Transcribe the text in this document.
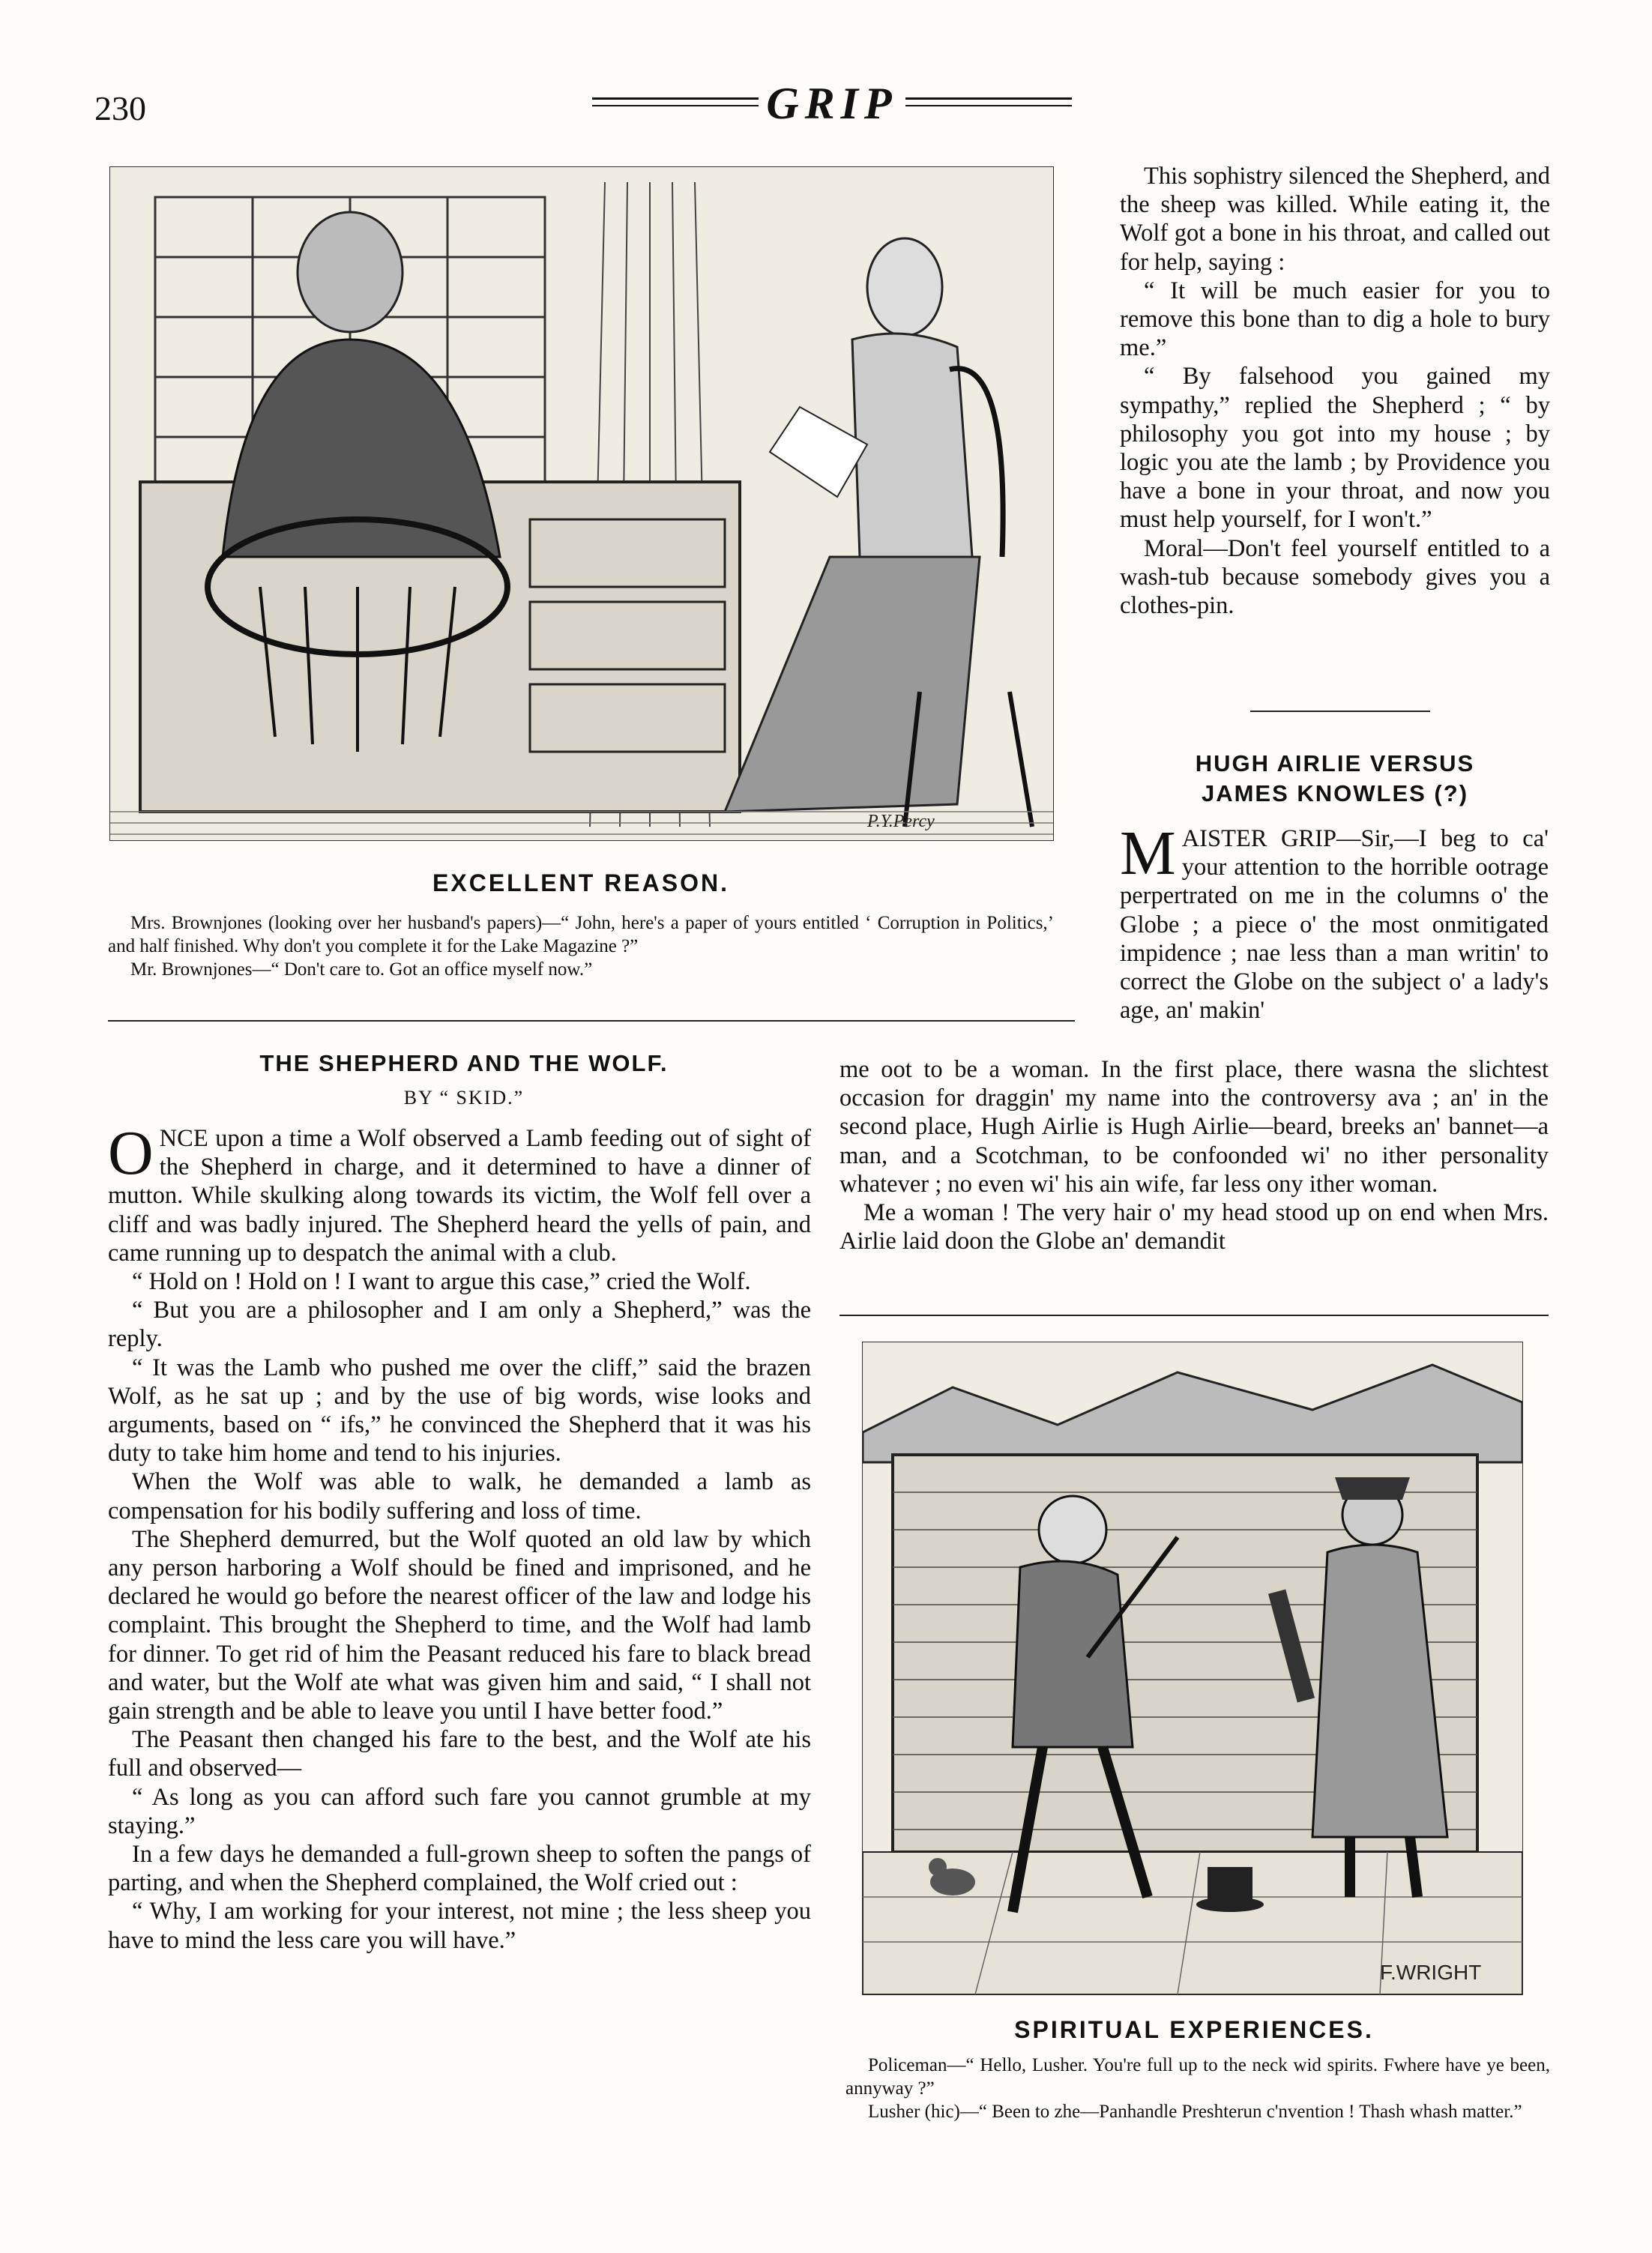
230	GRIP
P.Y.Percy
EXCELLENT REASON.

Mrs. Brownjones (looking over her husband's papers)—“ John, here's a paper of yours entitled ‘ Corruption in Politics,’ and half finished. Why don't you complete it for the Lake Magazine ?”

Mr. Brownjones—“ Don't care to. Got an office myself now.”

THE SHEPHERD AND THE WOLF.
BY “ SKID.”

ONCE upon a time a Wolf observed a Lamb feeding out of sight of the Shepherd in charge, and it determined to have a dinner of mutton. While skulking along towards its victim, the Wolf fell over a cliff and was badly injured. The Shepherd heard the yells of pain, and came running up to despatch the animal with a club.

“ Hold on ! Hold on ! I want to argue this case,” cried the Wolf.

“ But you are a philosopher and I am only a Shepherd,” was the reply.

“ It was the Lamb who pushed me over the cliff,” said the brazen Wolf, as he sat up ; and by the use of big words, wise looks and arguments, based on “ ifs,” he convinced the Shepherd that it was his duty to take him home and tend to his injuries.

When the Wolf was able to walk, he demanded a lamb as compensation for his bodily suffering and loss of time.

The Shepherd demurred, but the Wolf quoted an old law by which any person harboring a Wolf should be fined and imprisoned, and he declared he would go before the nearest officer of the law and lodge his complaint. This brought the Shepherd to time, and the Wolf had lamb for dinner. To get rid of him the Peasant reduced his fare to black bread and water, but the Wolf ate what was given him and said, “ I shall not gain strength and be able to leave you until I have better food.”

The Peasant then changed his fare to the best, and the Wolf ate his full and observed—

“ As long as you can afford such fare you cannot grumble at my staying.”

In a few days he demanded a full-grown sheep to soften the pangs of parting, and when the Shepherd complained, the Wolf cried out :

“ Why, I am working for your interest, not mine ; the less sheep you have to mind the less care you will have.”

This sophistry silenced the Shepherd, and the sheep was killed. While eating it, the Wolf got a bone in his throat, and called out for help, saying :

“ It will be much easier for you to remove this bone than to dig a hole to bury me.”

“ By falsehood you gained my sympathy,” replied the Shepherd ; “ by philosophy you got into my house ; by logic you ate the lamb ; by Providence you have a bone in your throat, and now you must help yourself, for I won't.”

Moral—Don't feel yourself entitled to a wash-tub because somebody gives you a clothes-pin.

HUGH AIRLIE VERSUS
JAMES KNOWLES (?)

MAISTER GRIP—Sir,—I beg to ca' your attention to the horrible ootrage perpertrated on me in the columns o' the Globe ; a piece o' the most onmitigated impidence ; nae less than a man writin' to correct the Globe on the subject o' a lady's age, an' makin'

me oot to be a woman. In the first place, there wasna the slichtest occasion for draggin' my name into the controversy ava ; an' in the second place, Hugh Airlie is Hugh Airlie—beard, breeks an' bannet—a man, and a Scotchman, to be confoonded wi' no ither personality whatever ; no even wi' his ain wife, far less ony ither woman.

Me a woman ! The very hair o' my head stood up on end when Mrs. Airlie laid doon the Globe an' demandit

F.WRIGHT
SPIRITUAL EXPERIENCES.

Policeman—“ Hello, Lusher. You're full up to the neck wid spirits. Fwhere have ye been, annyway ?”

Lusher (hic)—“ Been to zhe—Panhandle Preshterun c'nvention ! Thash whash matter.”
